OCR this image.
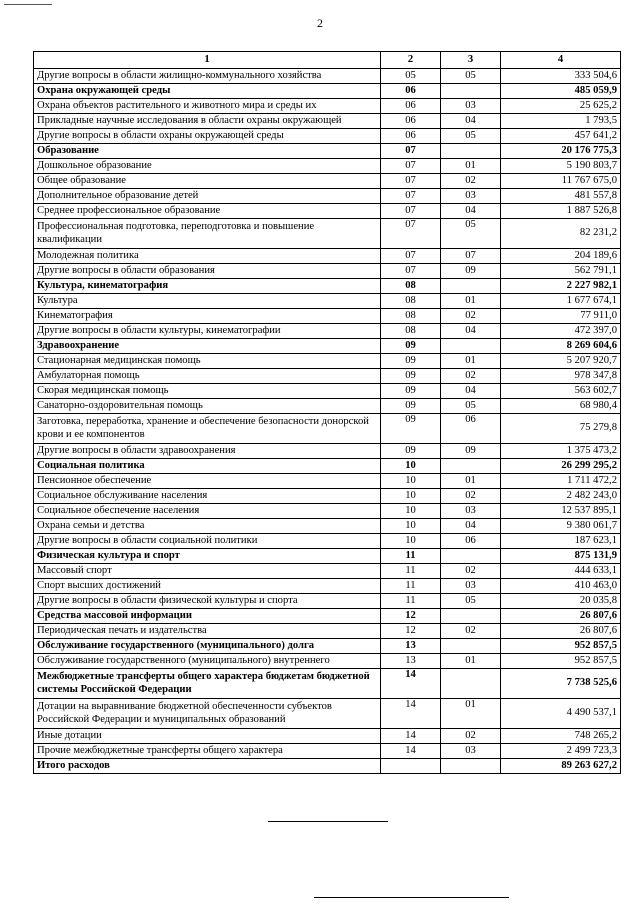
2
1	2	3	4
Другие вопросы в области жилищно-коммунального хозяйства	05	05	333 504,6
Охрана окружающей среды	06		485 059,9
Охрана объектов растительного и животного мира и среды их	06	03	25 625,2
Прикладные научные исследования в области охраны окружающей	06	04	1 793,5
Другие вопросы в области охраны окружающей среды	06	05	457 641,2
Образование	07		20 176 775,3
Дошкольное образование	07	01	5 190 803,7
Общее образование	07	02	11 767 675,0
Дополнительное образование детей	07	03	481 557,8
Среднее профессиональное образование	07	04	1 887 526,8
Профессиональная подготовка, переподготовка и повышение квалификации	07	05	82 231,2
Молодежная политика	07	07	204 189,6
Другие вопросы в области образования	07	09	562 791,1
Культура, кинематография	08		2 227 982,1
Культура	08	01	1 677 674,1
Кинематография	08	02	77 911,0
Другие вопросы в области культуры, кинематографии	08	04	472 397,0
Здравоохранение	09		8 269 604,6
Стационарная медицинская помощь	09	01	5 207 920,7
Амбулаторная помощь	09	02	978 347,8
Скорая медицинская помощь	09	04	563 602,7
Санаторно-оздоровительная помощь	09	05	68 980,4
Заготовка, переработка, хранение и обеспечение безопасности донорской крови и ее компонентов	09	06	75 279,8
Другие вопросы в области здравоохранения	09	09	1 375 473,2
Социальная политика	10		26 299 295,2
Пенсионное обеспечение	10	01	1 711 472,2
Социальное обслуживание населения	10	02	2 482 243,0
Социальное обеспечение населения	10	03	12 537 895,1
Охрана семьи и детства	10	04	9 380 061,7
Другие вопросы в области социальной политики	10	06	187 623,1
Физическая культура и спорт	11		875 131,9
Массовый спорт	11	02	444 633,1
Спорт высших достижений	11	03	410 463,0
Другие вопросы в области физической культуры и спорта	11	05	20 035,8
Средства массовой информации	12		26 807,6
Периодическая печать и издательства	12	02	26 807,6
Обслуживание государственного (муниципального) долга	13		952 857,5
Обслуживание государственного (муниципального) внутреннего	13	01	952 857,5
Межбюджетные трансферты общего характера бюджетам бюджетной системы Российской Федерации	14		7 738 525,6
Дотации на выравнивание бюджетной обеспеченности субъектов Российской Федерации и муниципальных образований	14	01	4 490 537,1
Иные дотации	14	02	748 265,2
Прочие межбюджетные трансферты общего характера	14	03	2 499 723,3
Итого расходов			89 263 627,2
